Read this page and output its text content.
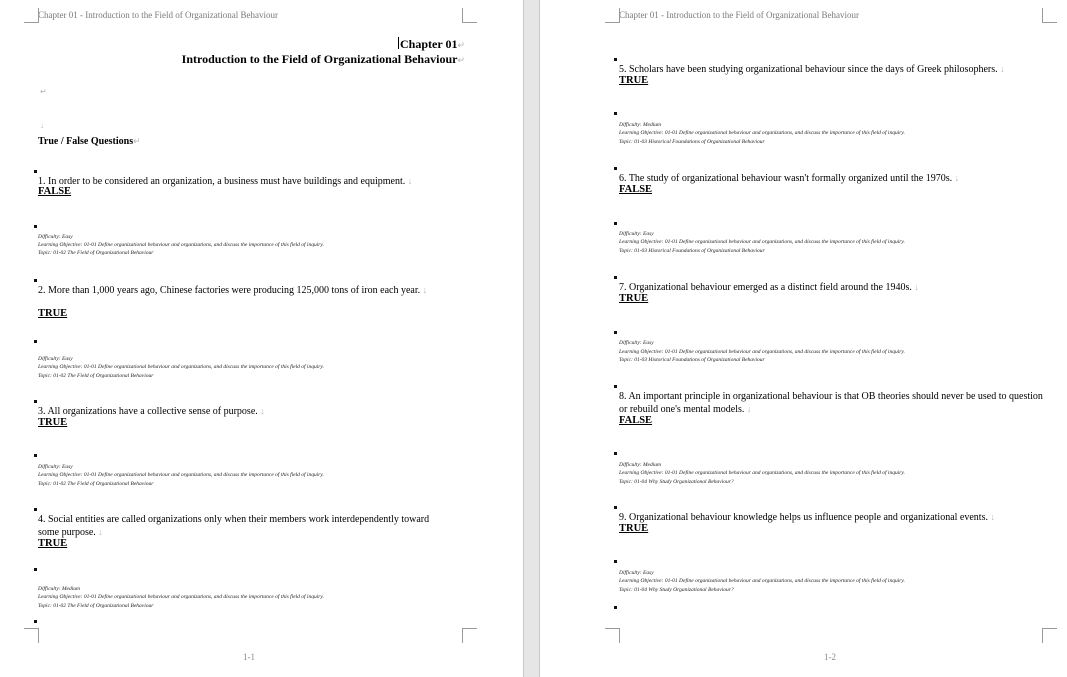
Chapter 01 - Introduction to the Field of Organizational Behaviour
Chapter 01↵
Introduction to the Field of Organizational Behaviour↵
↵
↓
True / False Questions↵
1. In order to be considered an organization, a business must have buildings and equipment. ↓
FALSE
Difficulty: Easy
Learning Objective: 01-01 Define organizational behaviour and organizations, and discuss the importance of this field of inquiry.
Topic: 01-02 The Field of Organizational Behaviour
2. More than 1,000 years ago, Chinese factories were producing 125,000 tons of iron each year. ↓
TRUE
Difficulty: Easy
Learning Objective: 01-01 Define organizational behaviour and organizations, and discuss the importance of this field of inquiry.
Topic: 01-02 The Field of Organizational Behaviour
3. All organizations have a collective sense of purpose. ↓
TRUE
Difficulty: Easy
Learning Objective: 01-01 Define organizational behaviour and organizations, and discuss the importance of this field of inquiry.
Topic: 01-02 The Field of Organizational Behaviour
4. Social entities are called organizations only when their members work interdependently toward some purpose. ↓
TRUE
Difficulty: Medium
Learning Objective: 01-01 Define organizational behaviour and organizations, and discuss the importance of this field of inquiry.
Topic: 01-02 The Field of Organizational Behaviour
1-1
Chapter 01 - Introduction to the Field of Organizational Behaviour
5. Scholars have been studying organizational behaviour since the days of Greek philosophers. ↓
TRUE
Difficulty: Medium
Learning Objective: 01-01 Define organizational behaviour and organizations, and discuss the importance of this field of inquiry.
Topic: 01-03 Historical Foundations of Organizational Behaviour
6. The study of organizational behaviour wasn't formally organized until the 1970s. ↓
FALSE
Difficulty: Easy
Learning Objective: 01-01 Define organizational behaviour and organizations, and discuss the importance of this field of inquiry.
Topic: 01-03 Historical Foundations of Organizational Behaviour
7. Organizational behaviour emerged as a distinct field around the 1940s. ↓
TRUE
Difficulty: Easy
Learning Objective: 01-01 Define organizational behaviour and organizations, and discuss the importance of this field of inquiry.
Topic: 01-03 Historical Foundations of Organizational Behaviour
8. An important principle in organizational behaviour is that OB theories should never be used to question or rebuild one's mental models. ↓
FALSE
Difficulty: Medium
Learning Objective: 01-01 Define organizational behaviour and organizations, and discuss the importance of this field of inquiry.
Topic: 01-04 Why Study Organizational Behaviour?
9. Organizational behaviour knowledge helps us influence people and organizational events. ↓
TRUE
Difficulty: Easy
Learning Objective: 01-01 Define organizational behaviour and organizations, and discuss the importance of this field of inquiry.
Topic: 01-04 Why Study Organizational Behaviour?
1-2
